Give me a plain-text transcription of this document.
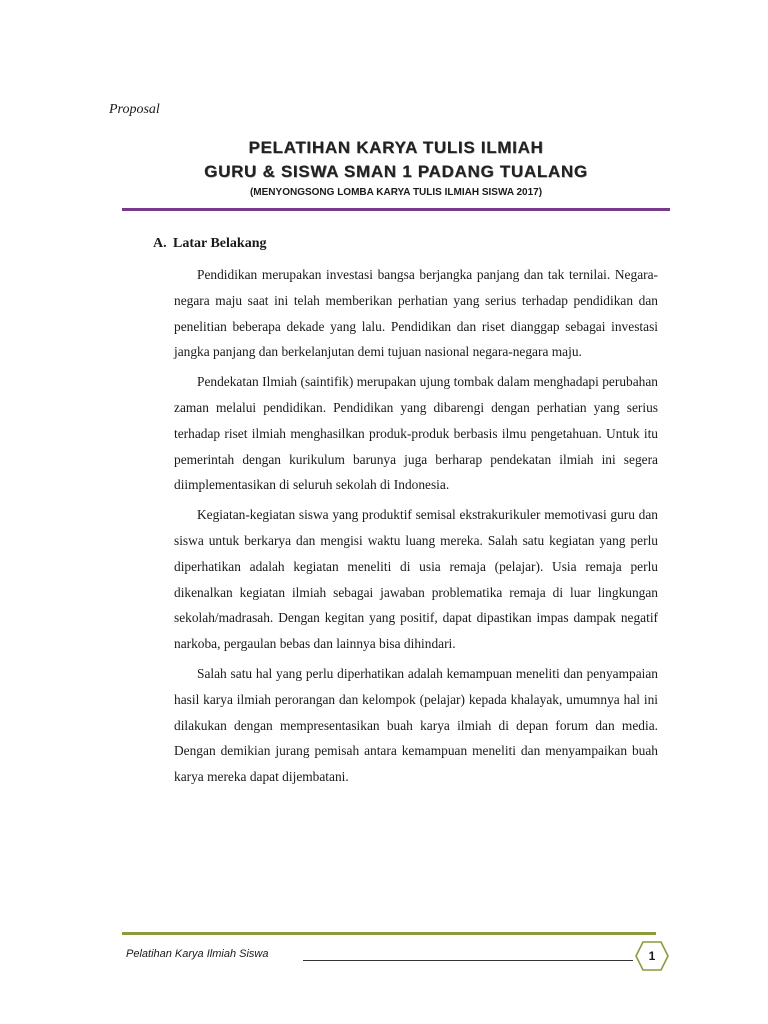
Proposal
PELATIHAN KARYA TULIS ILMIAH
GURU & SISWA SMAN 1 PADANG TUALANG
(MENYONGSONG LOMBA KARYA TULIS ILMIAH SISWA 2017)
A. Latar Belakang

Pendidikan merupakan investasi bangsa berjangka panjang dan tak ternilai. Negara-negara maju saat ini telah memberikan perhatian yang serius terhadap pendidikan dan penelitian beberapa dekade yang lalu. Pendidikan dan riset dianggap sebagai investasi jangka panjang dan berkelanjutan demi tujuan nasional negara-negara maju.

Pendekatan Ilmiah (saintifik) merupakan ujung tombak dalam menghadapi perubahan zaman melalui pendidikan. Pendidikan yang dibarengi dengan perhatian yang serius terhadap riset ilmiah menghasilkan produk-produk berbasis ilmu pengetahuan. Untuk itu pemerintah dengan kurikulum barunya juga berharap pendekatan ilmiah ini segera diimplementasikan di seluruh sekolah di Indonesia.

Kegiatan-kegiatan siswa yang produktif semisal ekstrakurikuler memotivasi guru dan siswa untuk berkarya dan mengisi waktu luang mereka. Salah satu kegiatan yang perlu diperhatikan adalah kegiatan meneliti di usia remaja (pelajar). Usia remaja perlu dikenalkan kegiatan ilmiah sebagai jawaban problematika remaja di luar lingkungan sekolah/madrasah. Dengan kegitan yang positif, dapat dipastikan impas dampak negatif narkoba, pergaulan bebas dan lainnya bisa dihindari.

Salah satu hal yang perlu diperhatikan adalah kemampuan meneliti dan penyampaian hasil karya ilmiah perorangan dan kelompok (pelajar) kepada khalayak, umumnya hal ini dilakukan dengan mempresentasikan buah karya ilmiah di depan forum dan media. Dengan demikian jurang pemisah antara kemampuan meneliti dan menyampaikan buah karya mereka dapat dijembatani.

Pelatihan Karya Ilmiah Siswa	1
